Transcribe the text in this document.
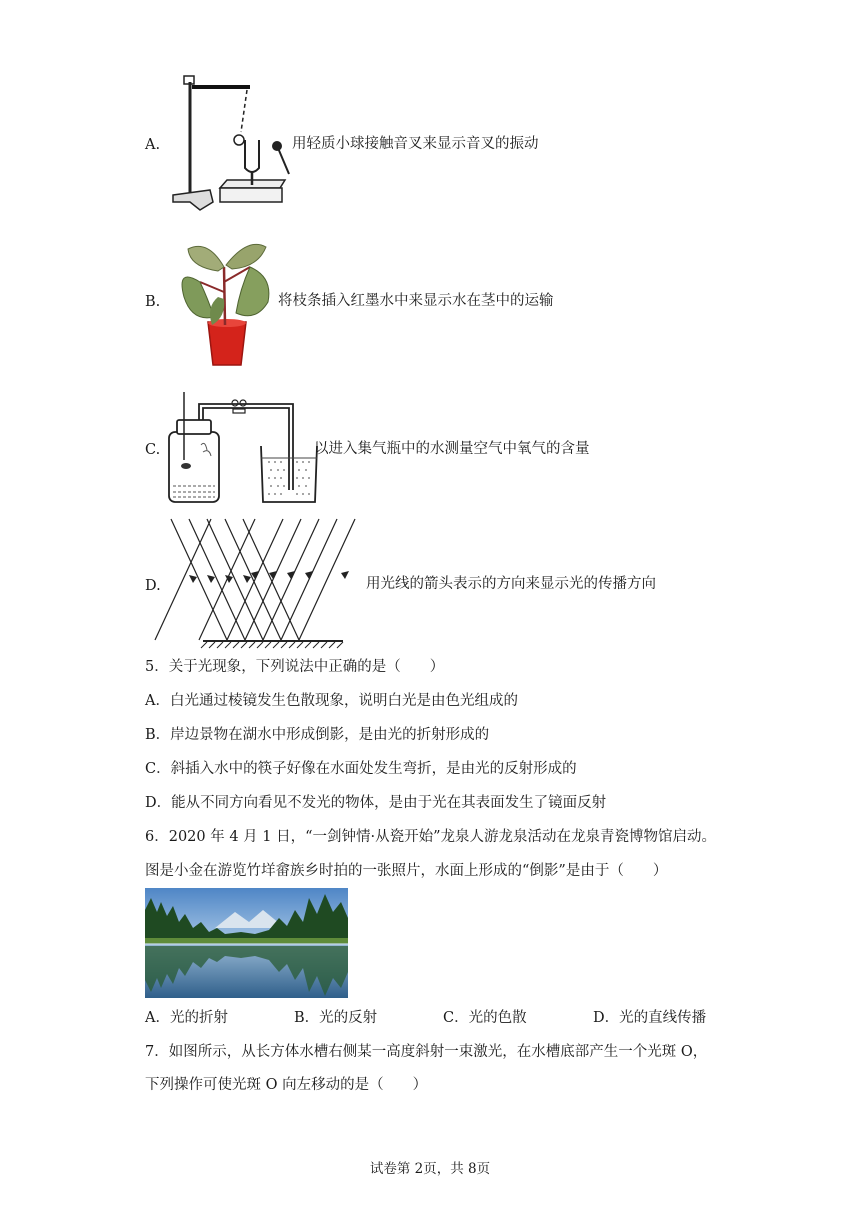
A.	用轻质小球接触音叉来显示音叉的振动
B.	将枝条插入红墨水中来显示水在茎中的运输
C.	以进入集气瓶中的水测量空气中氧气的含量
D.	用光线的箭头表示的方向来显示光的传播方向
5．关于光现象，下列说法中正确的是（　　）
A．白光通过棱镜发生色散现象，说明白光是由色光组成的
B．岸边景物在湖水中形成倒影，是由光的折射形成的
C．斜插入水中的筷子好像在水面处发生弯折，是由光的反射形成的
D．能从不同方向看见不发光的物体，是由于光在其表面发生了镜面反射
6．2020 年 4 月 1 日，“一剑钟情·从瓷开始”龙泉人游龙泉活动在龙泉青瓷博物馆启动。
图是小金在游览竹垟畲族乡时拍的一张照片，水面上形成的“倒影”是由于（　　）
A．光的折射	B．光的反射	C．光的色散	D．光的直线传播
7．如图所示，从长方体水槽右侧某一高度斜射一束激光，在水槽底部产生一个光斑 O，
下列操作可使光斑 O 向左移动的是（　　）
试卷第 2页，共 8页
